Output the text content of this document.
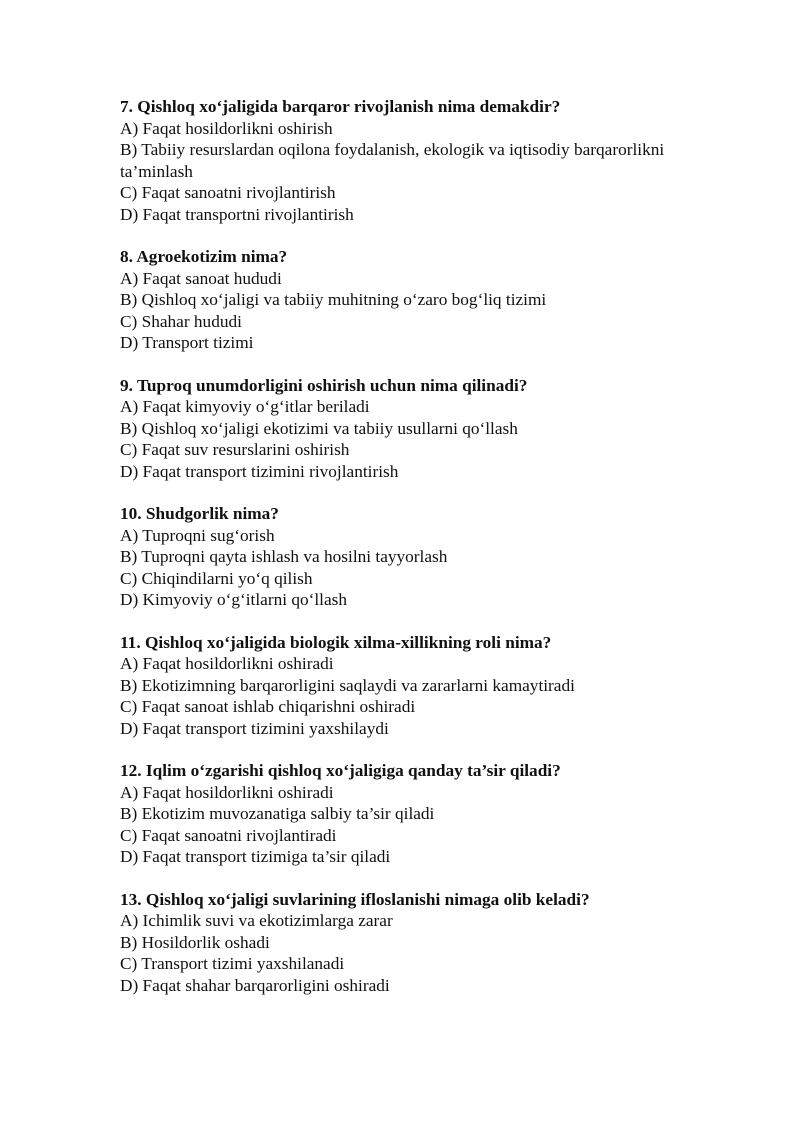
7. Qishloq xo‘jaligida barqaror rivojlanish nima demakdir?

A) Faqat hosildorlikni oshirish

B) Tabiiy resurslardan oqilona foydalanish, ekologik va iqtisodiy barqarorlikni ta’minlash

C) Faqat sanoatni rivojlantirish

D) Faqat transportni rivojlantirish

8. Agroekotizim nima?

A) Faqat sanoat hududi

B) Qishloq xo‘jaligi va tabiiy muhitning o‘zaro bog‘liq tizimi

C) Shahar hududi

D) Transport tizimi

9. Tuproq unumdorligini oshirish uchun nima qilinadi?

A) Faqat kimyoviy o‘g‘itlar beriladi

B) Qishloq xo‘jaligi ekotizimi va tabiiy usullarni qo‘llash

C) Faqat suv resurslarini oshirish

D) Faqat transport tizimini rivojlantirish

10. Shudgorlik nima?

A) Tuproqni sug‘orish

B) Tuproqni qayta ishlash va hosilni tayyorlash

C) Chiqindilarni yo‘q qilish

D) Kimyoviy o‘g‘itlarni qo‘llash

11. Qishloq xo‘jaligida biologik xilma-xillikning roli nima?

A) Faqat hosildorlikni oshiradi

B) Ekotizimning barqarorligini saqlaydi va zararlarni kamaytiradi

C) Faqat sanoat ishlab chiqarishni oshiradi

D) Faqat transport tizimini yaxshilaydi

12. Iqlim o‘zgarishi qishloq xo‘jaligiga qanday ta’sir qiladi?

A) Faqat hosildorlikni oshiradi

B) Ekotizim muvozanatiga salbiy ta’sir qiladi

C) Faqat sanoatni rivojlantiradi

D) Faqat transport tizimiga ta’sir qiladi

13. Qishloq xo‘jaligi suvlarining ifloslanishi nimaga olib keladi?

A) Ichimlik suvi va ekotizimlarga zarar

B) Hosildorlik oshadi

C) Transport tizimi yaxshilanadi

D) Faqat shahar barqarorligini oshiradi
